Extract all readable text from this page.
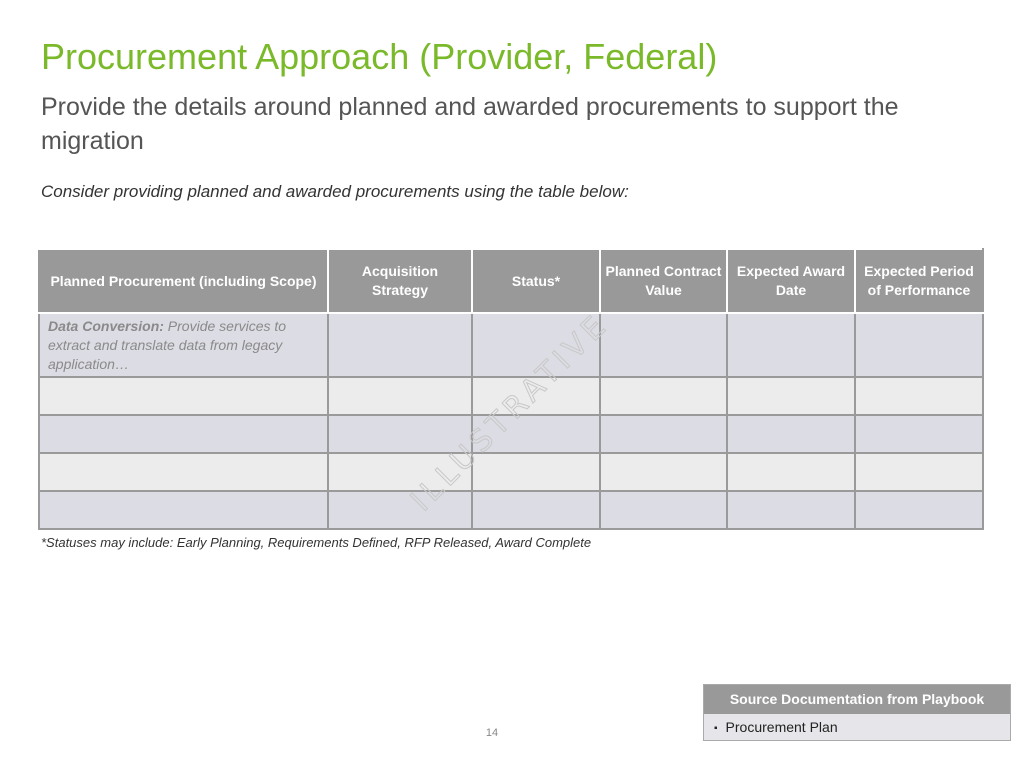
Procurement Approach (Provider, Federal)

Provide the details around planned and awarded procurements to support the migration

Consider providing planned and awarded procurements using the table below:

Planned Procurement (including Scope)	Acquisition Strategy	Status*	Planned Contract Value	Expected Award Date	Expected Period of Performance

Data Conversion: Provide services to extract and translate data from legacy application…					

*Statuses may include: Early Planning, Requirements Defined, RFP Released, Award Complete

Source Documentation from Playbook
▪ Procurement Plan
14
